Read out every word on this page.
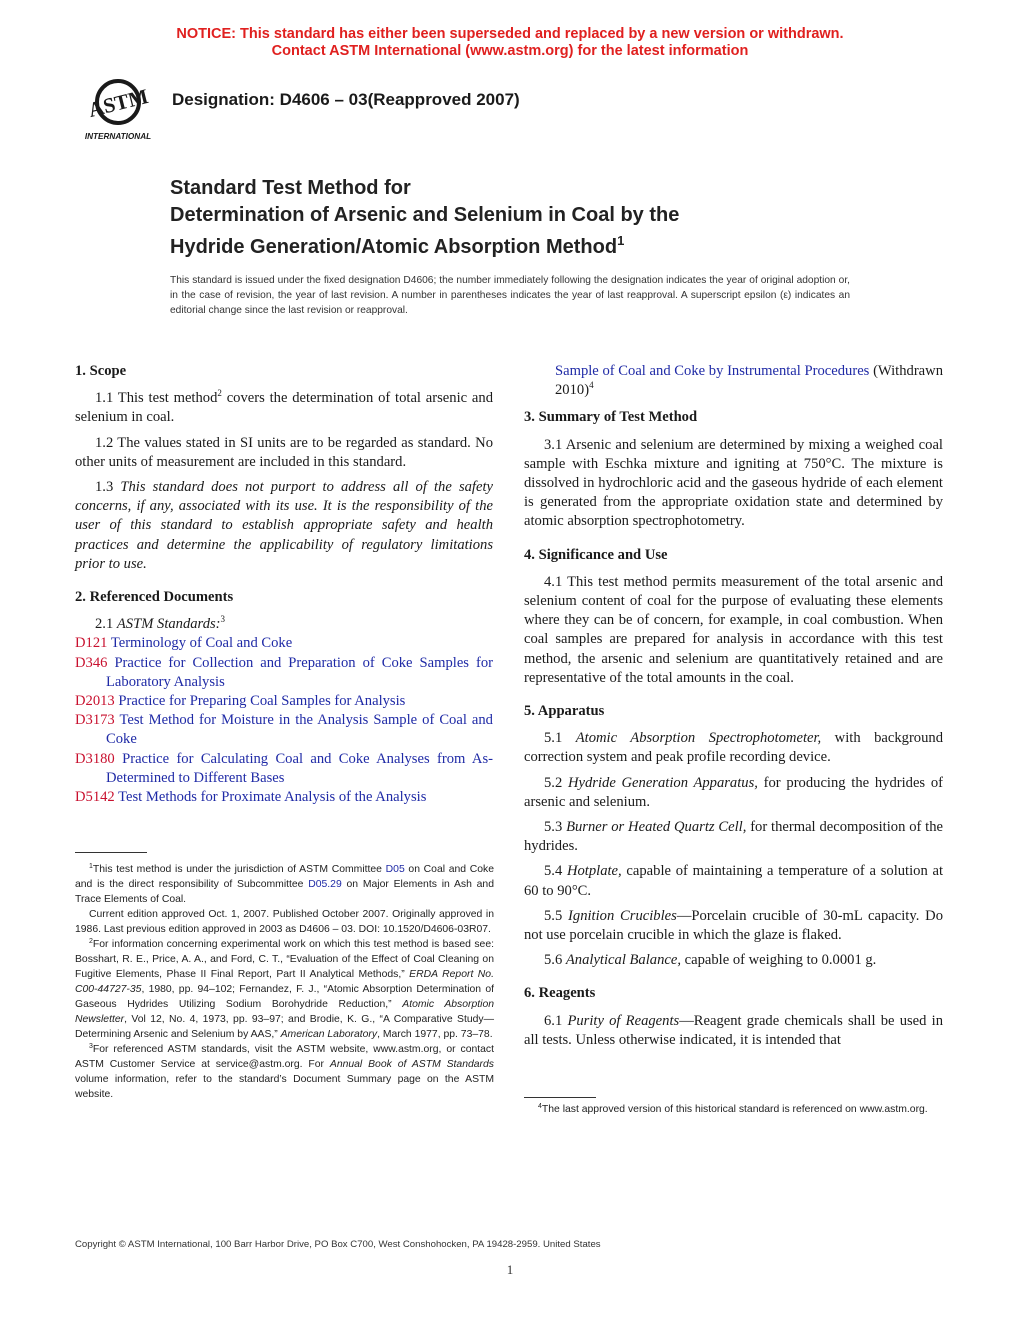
NOTICE: This standard has either been superseded and replaced by a new version or withdrawn.
Contact ASTM International (www.astm.org) for the latest information
ASTM
INTERNATIONAL
Designation: D4606 – 03(Reapproved 2007)
Standard Test Method for
Determination of Arsenic and Selenium in Coal by the
Hydride Generation/Atomic Absorption Method$^1$
This standard is issued under the fixed designation D4606; the number immediately following the designation indicates the year of original adoption or, in the case of revision, the year of last revision. A number in parentheses indicates the year of last reapproval. A superscript epsilon (ε) indicates an editorial change since the last revision or reapproval.

1. Scope

1.1 This test method$^2$ covers the determination of total arsenic and selenium in coal.

1.2 The values stated in SI units are to be regarded as standard. No other units of measurement are included in this standard.

1.3 This standard does not purport to address all of the safety concerns, if any, associated with its use. It is the responsibility of the user of this standard to establish appropriate safety and health practices and determine the applicability of regulatory limitations prior to use.

2. Referenced Documents

2.1 ASTM Standards:$^3$

D121 Terminology of Coal and Coke

D346 Practice for Collection and Preparation of Coke Samples for Laboratory Analysis

D2013 Practice for Preparing Coal Samples for Analysis

D3173 Test Method for Moisture in the Analysis Sample of Coal and Coke

D3180 Practice for Calculating Coal and Coke Analyses from As-Determined to Different Bases

D5142 Test Methods for Proximate Analysis of the Analysis

$^1$This test method is under the jurisdiction of ASTM Committee D05 on Coal and Coke and is the direct responsibility of Subcommittee D05.29 on Major Elements in Ash and Trace Elements of Coal.

Current edition approved Oct. 1, 2007. Published October 2007. Originally approved in 1986. Last previous edition approved in 2003 as D4606 – 03. DOI: 10.1520/D4606-03R07.

$^2$For information concerning experimental work on which this test method is based see: Bosshart, R. E., Price, A. A., and Ford, C. T., “Evaluation of the Effect of Coal Cleaning on Fugitive Elements, Phase II Final Report, Part II Analytical Methods,” ERDA Report No. C00-44727-35, 1980, pp. 94–102; Fernandez, F. J., “Atomic Absorption Determination of Gaseous Hydrides Utilizing Sodium Borohydride Reduction,” Atomic Absorption Newsletter, Vol 12, No. 4, 1973, pp. 93–97; and Brodie, K. G., “A Comparative Study—Determining Arsenic and Selenium by AAS,” American Laboratory, March 1977, pp. 73–78.

$^3$For referenced ASTM standards, visit the ASTM website, www.astm.org, or contact ASTM Customer Service at service@astm.org. For Annual Book of ASTM Standards volume information, refer to the standard’s Document Summary page on the ASTM website.

Sample of Coal and Coke by Instrumental Procedures (Withdrawn 2010)$^4$

3. Summary of Test Method

3.1 Arsenic and selenium are determined by mixing a weighed coal sample with Eschka mixture and igniting at 750°C. The mixture is dissolved in hydrochloric acid and the gaseous hydride of each element is generated from the appropriate oxidation state and determined by atomic absorption spectrophotometry.

4. Significance and Use

4.1 This test method permits measurement of the total arsenic and selenium content of coal for the purpose of evaluating these elements where they can be of concern, for example, in coal combustion. When coal samples are prepared for analysis in accordance with this test method, the arsenic and selenium are quantitatively retained and are representative of the total amounts in the coal.

5. Apparatus

5.1 Atomic Absorption Spectrophotometer, with background correction system and peak profile recording device.

5.2 Hydride Generation Apparatus, for producing the hydrides of arsenic and selenium.

5.3 Burner or Heated Quartz Cell, for thermal decomposition of the hydrides.

5.4 Hotplate, capable of maintaining a temperature of a solution at 60 to 90°C.

5.5 Ignition Crucibles—Porcelain crucible of 30-mL capacity. Do not use porcelain crucible in which the glaze is flaked.

5.6 Analytical Balance, capable of weighing to 0.0001 g.

6. Reagents

6.1 Purity of Reagents—Reagent grade chemicals shall be used in all tests. Unless otherwise indicated, it is intended that

$^4$The last approved version of this historical standard is referenced on www.astm.org.

Copyright © ASTM International, 100 Barr Harbor Drive, PO Box C700, West Conshohocken, PA 19428-2959. United States
1
